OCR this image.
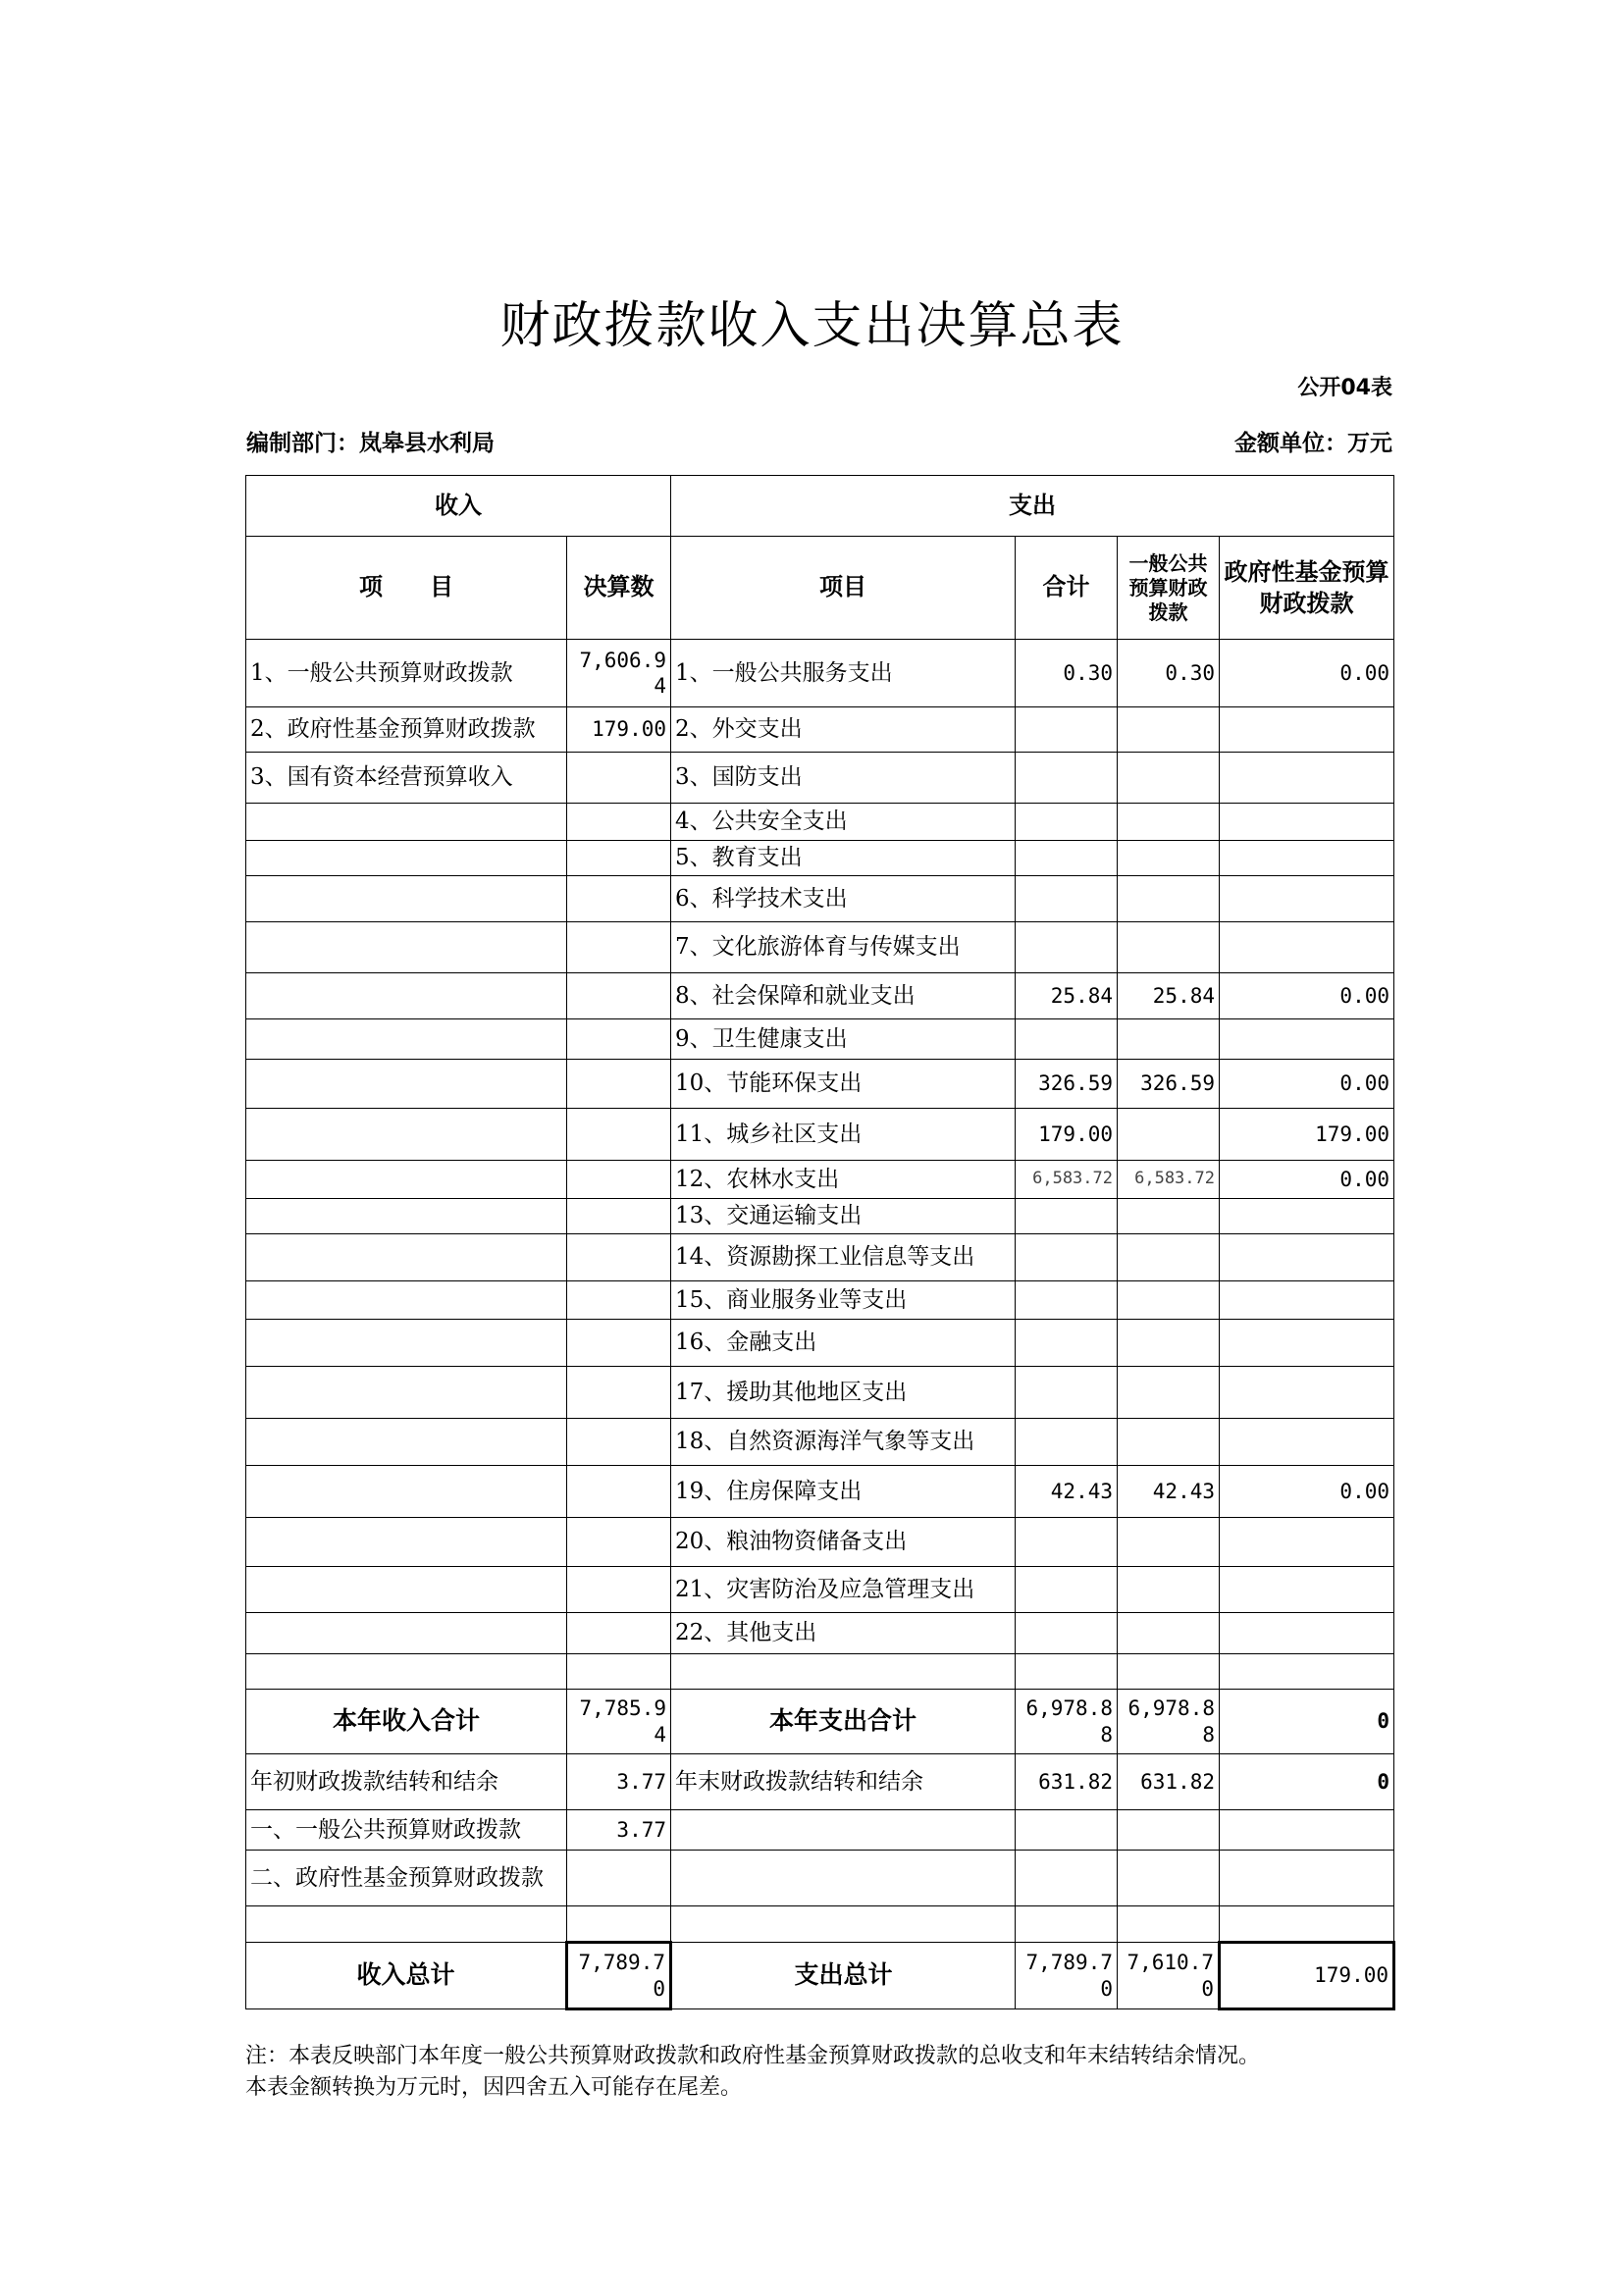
财政拨款收入支出决算总表
公开04表
编制部门：岚皋县水利局	金额单位：万元
收入		支出			
项　　目	决算数	项目	合计	一般公共预算财政拨款	政府性基金预算财政拨款
1、一般公共预算财政拨款	7,606.94	1、一般公共服务支出	0.30	0.30	0.00
2、政府性基金预算财政拨款	179.00	2、外交支出			
3、国有资本经营预算收入		3、国防支出			
		4、公共安全支出			
		5、教育支出			
		6、科学技术支出			
		7、文化旅游体育与传媒支出			
		8、社会保障和就业支出	25.84	25.84	0.00
		9、卫生健康支出			
		10、节能环保支出	326.59	326.59	0.00
		11、城乡社区支出	179.00		179.00
		12、农林水支出	6,583.72	6,583.72	0.00
		13、交通运输支出			
		14、资源勘探工业信息等支出			
		15、商业服务业等支出			
		16、金融支出			
		17、援助其他地区支出			
		18、自然资源海洋气象等支出			
		19、住房保障支出	42.43	42.43	0.00
		20、粮油物资储备支出			
		21、灾害防治及应急管理支出			
		22、其他支出			

本年收入合计	7,785.94	本年支出合计	6,978.88	6,978.88	0
年初财政拨款结转和结余	3.77	年末财政拨款结转和结余	631.82	631.82	0
一、一般公共预算财政拨款	3.77				
二、政府性基金预算财政拨款					

收入总计	7,789.70	支出总计	7,789.70	7,610.70	179.00
注：本表反映部门本年度一般公共预算财政拨款和政府性基金预算财政拨款的总收支和年末结转结余情况。
本表金额转换为万元时，因四舍五入可能存在尾差。
